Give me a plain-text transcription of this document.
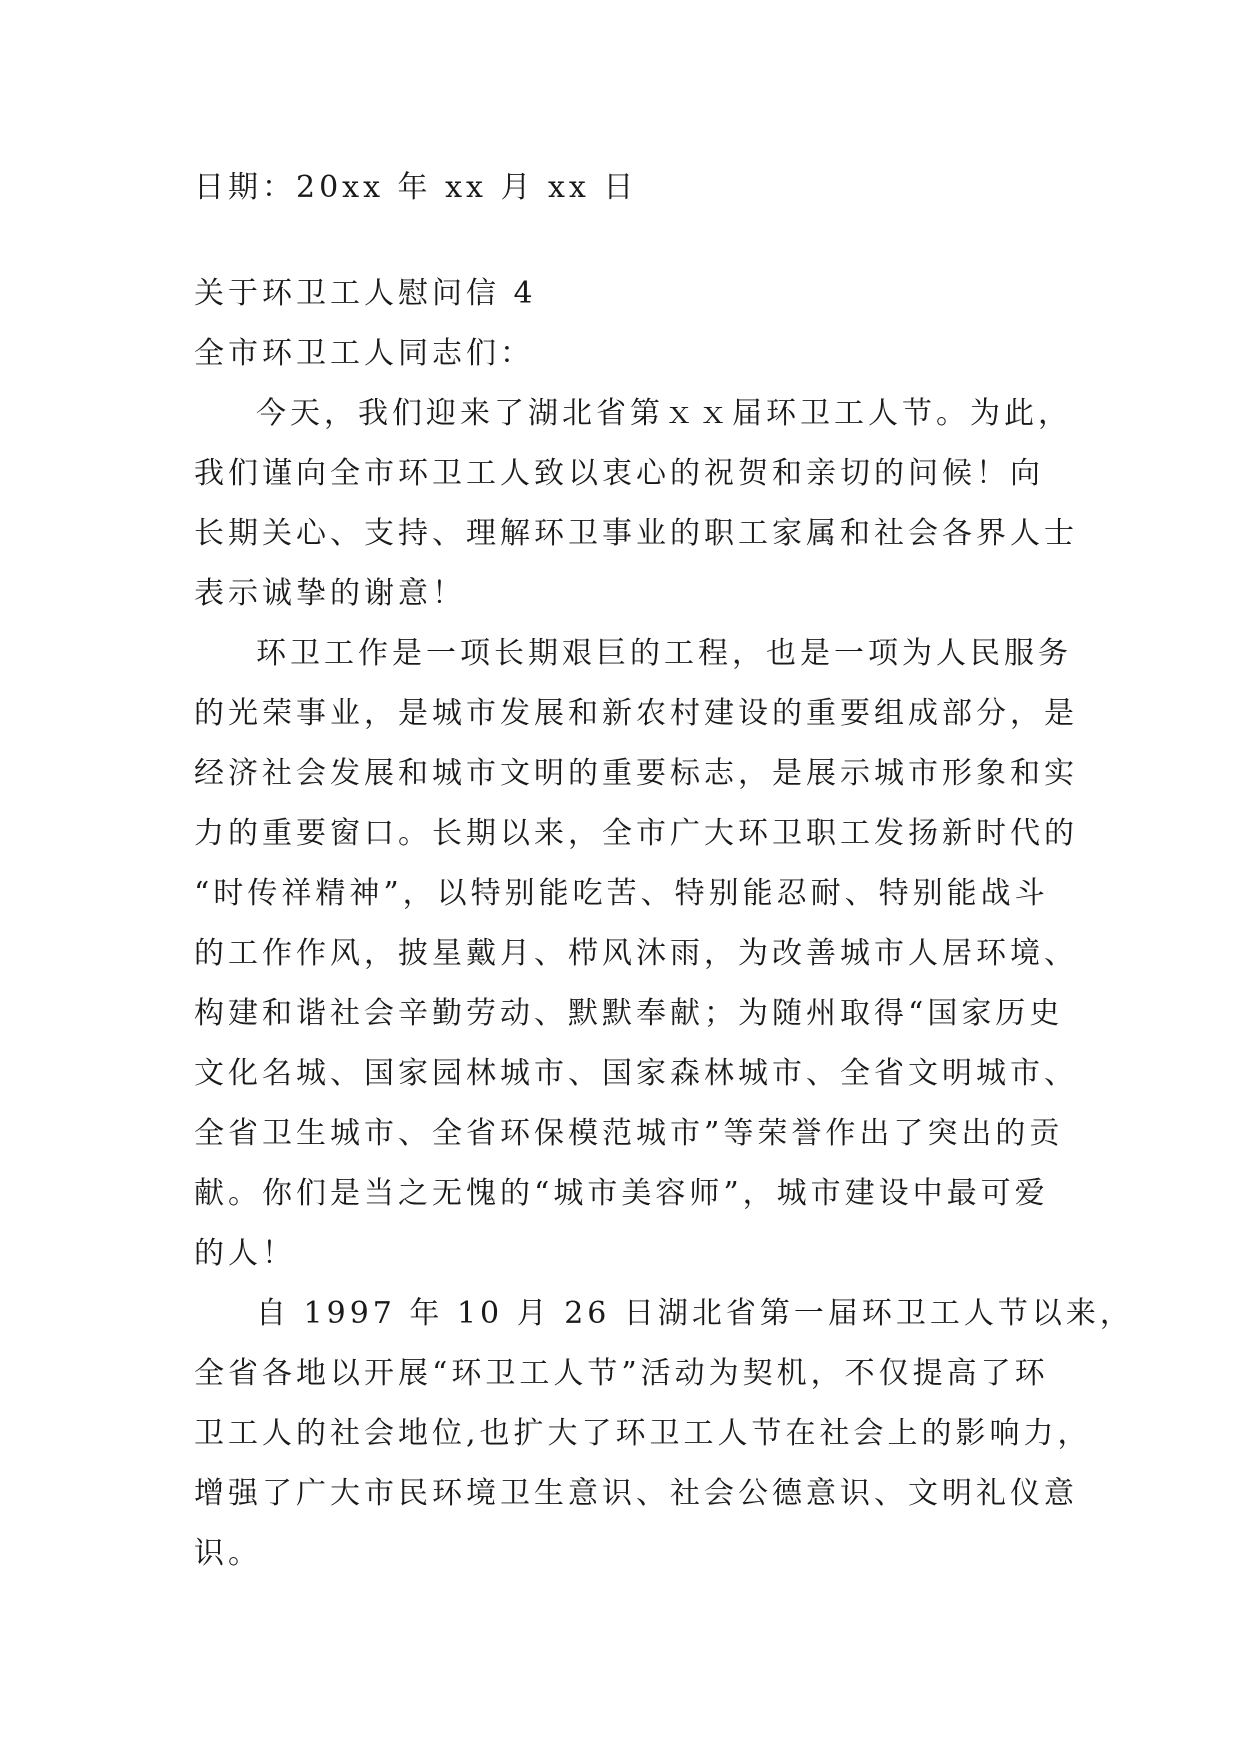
日期：20xx 年 xx 月 xx 日
关于环卫工人慰问信 4
全市环卫工人同志们：
今天，我们迎来了湖北省第ｘｘ届环卫工人节。为此，
我们谨向全市环卫工人致以衷心的祝贺和亲切的问候！向
长期关心、支持、理解环卫事业的职工家属和社会各界人士
表示诚挚的谢意！
环卫工作是一项长期艰巨的工程，也是一项为人民服务
的光荣事业，是城市发展和新农村建设的重要组成部分，是
经济社会发展和城市文明的重要标志，是展示城市形象和实
力的重要窗口。长期以来，全市广大环卫职工发扬新时代的
“时传祥精神”，以特别能吃苦、特别能忍耐、特别能战斗
的工作作风，披星戴月、栉风沐雨，为改善城市人居环境、
构建和谐社会辛勤劳动、默默奉献；为随州取得“国家历史
文化名城、国家园林城市、国家森林城市、全省文明城市、
全省卫生城市、全省环保模范城市”等荣誉作出了突出的贡
献。你们是当之无愧的“城市美容师”，城市建设中最可爱
的人！
自 1997 年 10 月 26 日湖北省第一届环卫工人节以来，
全省各地以开展“环卫工人节”活动为契机，不仅提高了环
卫工人的社会地位,也扩大了环卫工人节在社会上的影响力，
增强了广大市民环境卫生意识、社会公德意识、文明礼仪意
识。
